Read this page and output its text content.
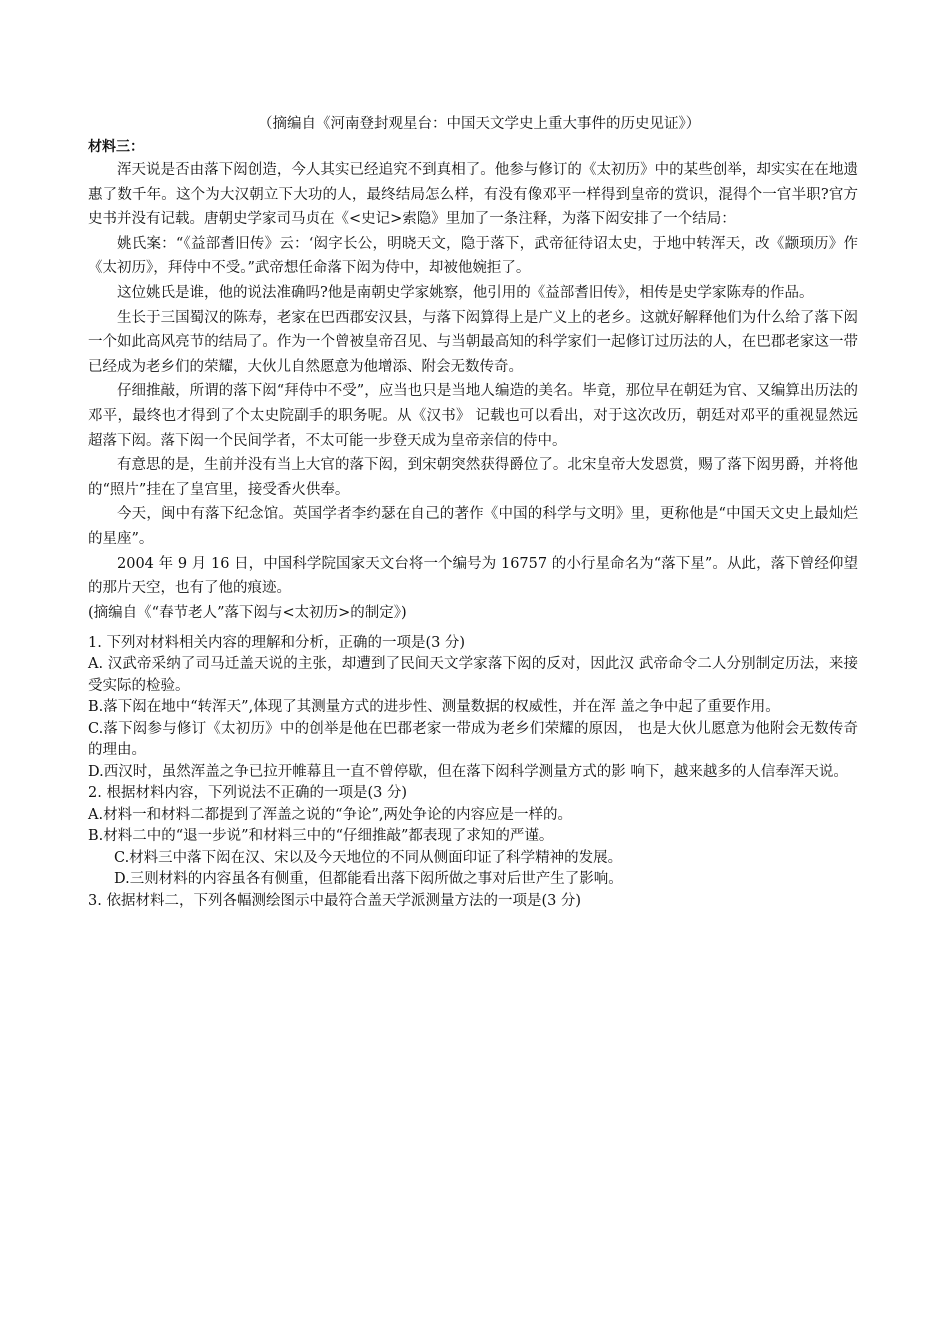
（摘编自《河南登封观星台：中国天文学史上重大事件的历史见证》）
材料三：

浑天说是否由落下闳创造，今人其实已经追究不到真相了。他参与修订的《太初历》中的某些创举，却实实在在地遗惠了数千年。这个为大汉朝立下大功的人，最终结局怎么样，有没有像邓平一样得到皇帝的赏识，混得个一官半职?官方史书并没有记载。唐朝史学家司马贞在《<史记>索隐》里加了一条注释，为落下闳安排了一个结局：

姚氏案：“《益部耆旧传》云：‘闳字长公，明晓天文，隐于落下，武帝征待诏太史，于地中转浑天，改《颛顼历》作《太初历》，拜侍中不受。”武帝想任命落下闳为侍中，却被他婉拒了。

这位姚氏是谁，他的说法准确吗?他是南朝史学家姚察，他引用的《益部耆旧传》，相传是史学家陈寿的作品。

生长于三国蜀汉的陈寿，老家在巴西郡安汉县，与落下闳算得上是广义上的老乡。这就好解释他们为什么给了落下闳一个如此高风亮节的结局了。作为一个曾被皇帝召见、与当朝最高知的科学家们一起修订过历法的人，在巴郡老家这一带已经成为老乡们的荣耀，大伙儿自然愿意为他增添、附会无数传奇。

仔细推敲，所谓的落下闳“拜侍中不受”，应当也只是当地人编造的美名。毕竟，那位早在朝廷为官、又编算出历法的邓平，最终也才得到了个太史院副手的职务呢。从《汉书》 记载也可以看出，对于这次改历，朝廷对邓平的重视显然远超落下闳。落下闳一个民间学者，不太可能一步登天成为皇帝亲信的侍中。

有意思的是，生前并没有当上大官的落下闳，到宋朝突然获得爵位了。北宋皇帝大发恩赏，赐了落下闳男爵，并将他的“照片”挂在了皇宫里，接受香火供奉。

今天，闽中有落下纪念馆。英国学者李约瑟在自己的著作《中国的科学与文明》里，更称他是“中国天文史上最灿烂的星座”。

2004 年 9 月 16 日，中国科学院国家天文台将一个编号为 16757 的小行星命名为“落下星”。从此，落下曾经仰望的那片天空，也有了他的痕迹。

(摘编自《“春节老人”落下闳与<太初历>的制定》)

1. 下列对材料相关内容的理解和分析，正确的一项是(3 分)

A. 汉武帝采纳了司马迁盖天说的主张，却遭到了民间天文学家落下闳的反对，因此汉 武帝命令二人分别制定历法，来接受实际的检验。

B.落下闳在地中“转浑天”,体现了其测量方式的进步性、测量数据的权威性，并在浑 盖之争中起了重要作用。

C.落下闳参与修订《太初历》中的创举是他在巴郡老家一带成为老乡们荣耀的原因， 也是大伙儿愿意为他附会无数传奇的理由。

D.西汉时，虽然浑盖之争已拉开帷幕且一直不曾停歇，但在落下闳科学测量方式的影 响下，越来越多的人信奉浑天说。

2. 根据材料内容，下列说法不正确的一项是(3 分)

A.材料一和材料二都提到了浑盖之说的“争论”,两处争论的内容应是一样的。

B.材料二中的“退一步说”和材料三中的“仔细推敲”都表现了求知的严谨。

C.材料三中落下闳在汉、宋以及今天地位的不同从侧面印证了科学精神的发展。

D.三则材料的内容虽各有侧重，但都能看出落下闳所做之事对后世产生了影响。

3. 依据材料二，下列各幅测绘图示中最符合盖天学派测量方法的一项是(3 分)
